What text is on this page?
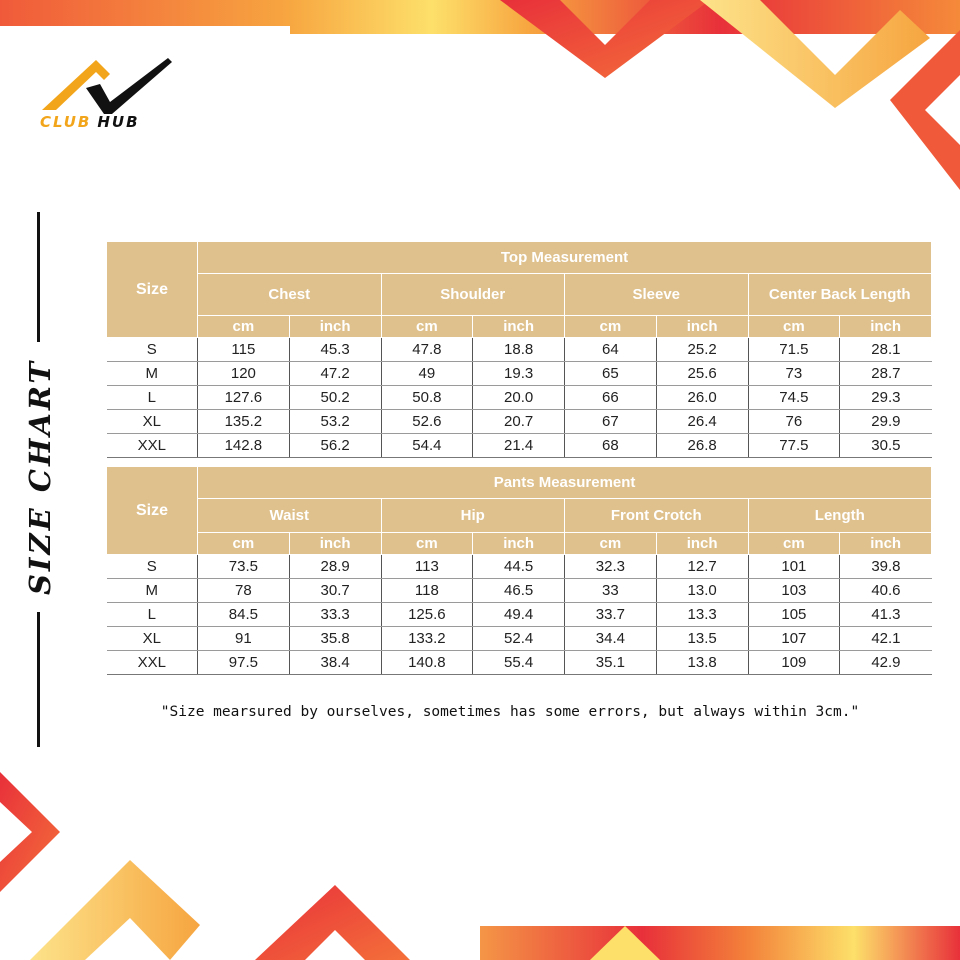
CLUB HUB
SIZE CHART
Size	Top Measurement							
	Chest		Shoulder		Sleeve		Center Back Length	
	cm	inch	cm	inch	cm	inch	cm	inch
S	115	45.3	47.8	18.8	64	25.2	71.5	28.1
M	120	47.2	49	19.3	65	25.6	73	28.7
L	127.6	50.2	50.8	20.0	66	26.0	74.5	29.3
XL	135.2	53.2	52.6	20.7	67	26.4	76	29.9
XXL	142.8	56.2	54.4	21.4	68	26.8	77.5	30.5
Size	Pants Measurement							
	Waist		Hip		Front Crotch		Length	
	cm	inch	cm	inch	cm	inch	cm	inch
S	73.5	28.9	113	44.5	32.3	12.7	101	39.8
M	78	30.7	118	46.5	33	13.0	103	40.6
L	84.5	33.3	125.6	49.4	33.7	13.3	105	41.3
XL	91	35.8	133.2	52.4	34.4	13.5	107	42.1
XXL	97.5	38.4	140.8	55.4	35.1	13.8	109	42.9
"Size mearsured by ourselves, sometimes has some errors, but always within 3cm."
